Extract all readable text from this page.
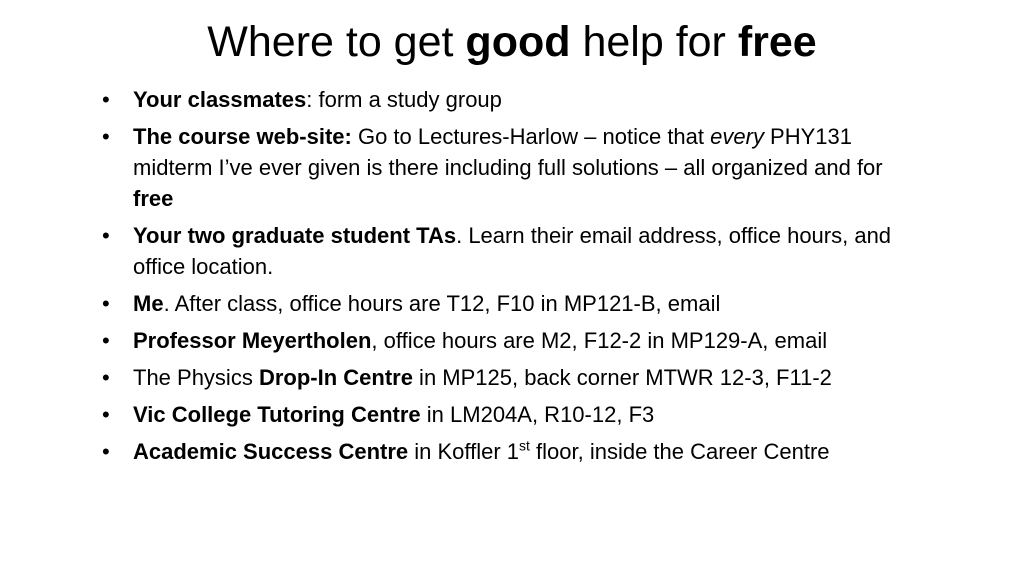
Where to get good help for free
•	Your classmates: form a study group
•	The course web-site: Go to Lectures-Harlow – notice that every PHY131 midterm I’ve ever given is there including full solutions – all organized and for free
•	Your two graduate student TAs. Learn their email address, office hours, and office location.
•	Me. After class, office hours are T12, F10 in MP121-B, email
•	Professor Meyertholen, office hours are M2, F12-2 in MP129-A, email
•	The Physics Drop-In Centre in MP125, back corner MTWR 12-3, F11-2
•	Vic College Tutoring Centre in LM204A, R10-12, F3
•	Academic Success Centre in Koffler 1st floor, inside the Career Centre
